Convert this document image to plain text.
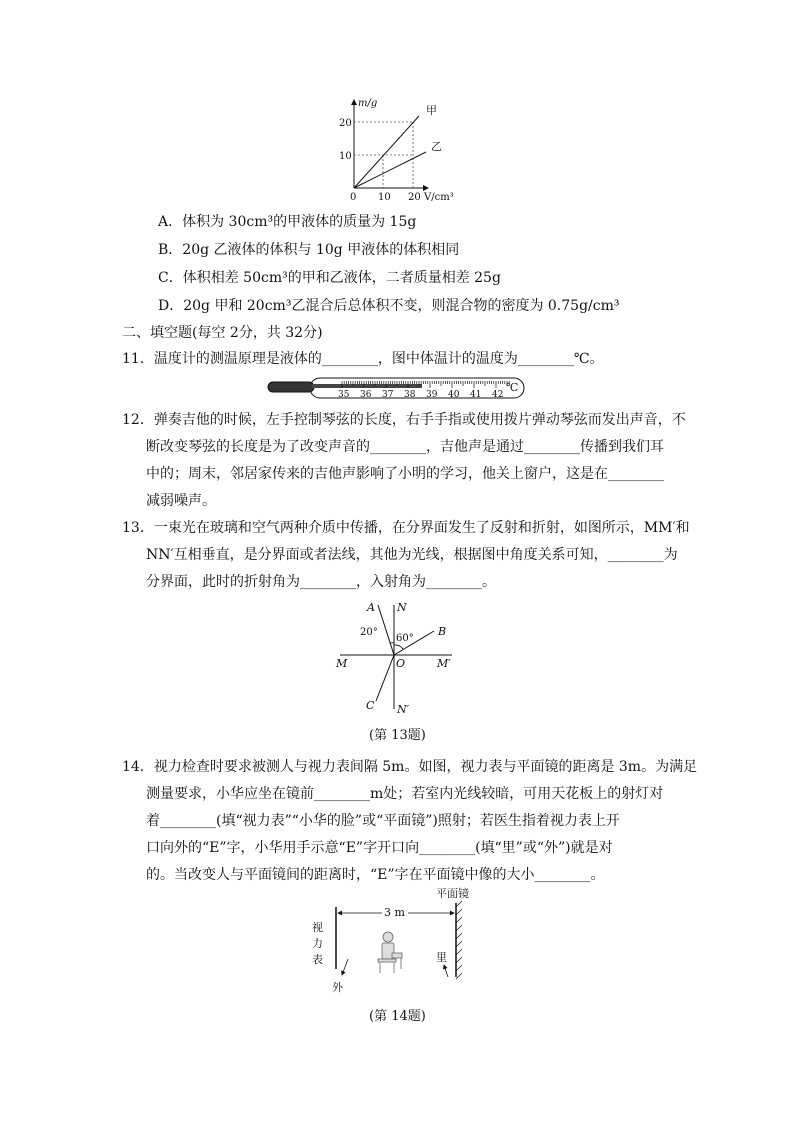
m/g
V/cm³
0
10
20
10 20
甲
乙
A．体积为 30cm³的甲液体的质量为 15g
B．20g 乙液体的体积与 10g 甲液体的体积相同
C．体积相差 50cm³的甲和乙液体，二者质量相差 25g
D．20g 甲和 20cm³乙混合后总体积不变，则混合物的密度为 0.75g/cm³
二、填空题(每空 2分，共 32分)
11．温度计的测温原理是液体的________，图中体温计的温度为________℃。
℃
35 36 37 38 39 40 41 42
12．弹奏吉他的时候，左手控制琴弦的长度，右手手指或使用拨片弹动琴弦而发出声音，不
断改变琴弦的长度是为了改变声音的________，吉他声是通过________传播到我们耳
中的；周末，邻居家传来的吉他声影响了小明的学习，他关上窗户，这是在________
减弱噪声。
13．一束光在玻璃和空气两种介质中传播，在分界面发生了反射和折射，如图所示，MM′和
NN′互相垂直，是分界面或者法线，其他为光线，根据图中角度关系可知，________为
分界面，此时的折射角为________，入射角为________。
A N
B
M	O	M′
C N′
20°
60°
(第 13题)
14．视力检查时要求被测人与视力表间隔 5m。如图，视力表与平面镜的距离是 3m。为满足
测量要求，小华应坐在镜前________m处；若室内光线较暗，可用天花板上的射灯对
着________(填“视力表”“小华的脸”或“平面镜”)照射；若医生指着视力表上开
口向外的“E”字，小华用手示意“E”字开口向________(填“里”或“外”)就是对
的。当改变人与平面镜间的距离时，“E”字在平面镜中像的大小________。
平面镜
3 m
视力表
外
里
(第 14题)
